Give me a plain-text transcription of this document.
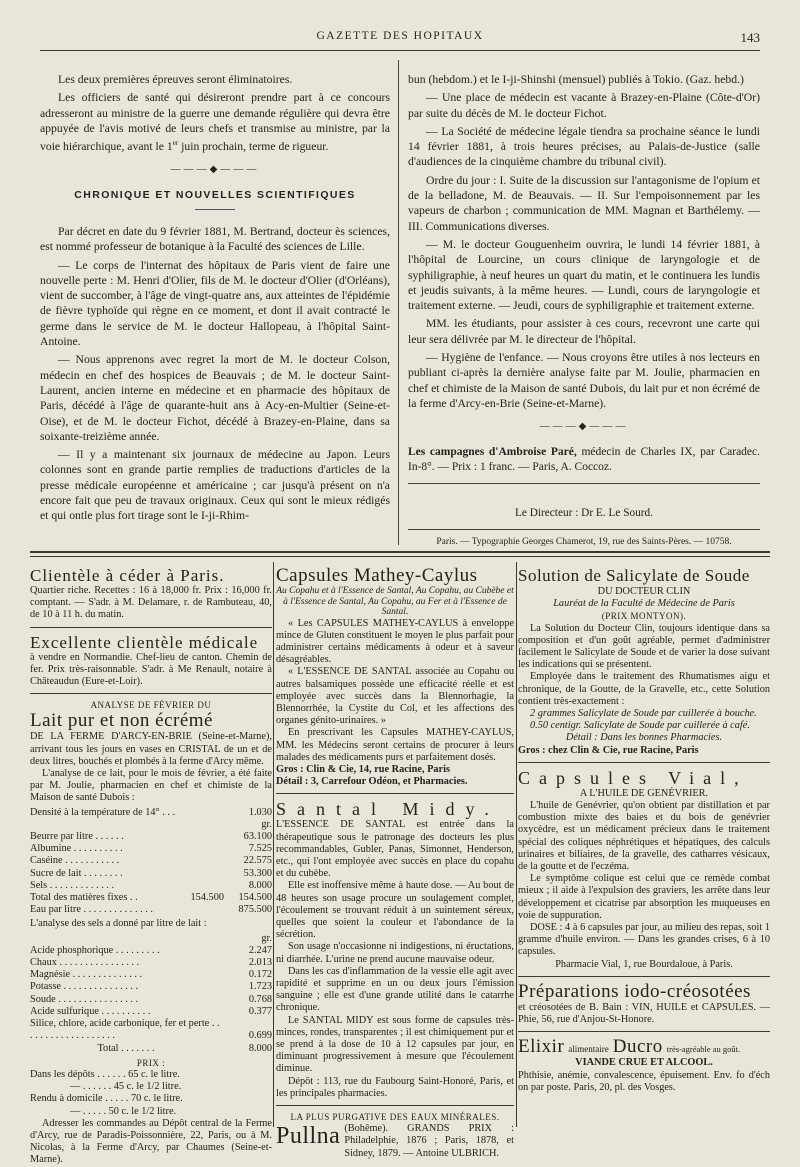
GAZETTE DES HOPITAUX	143

Les deux premières épreuves seront éliminatoires.

Les officiers de santé qui désireront prendre part à ce concours adresseront au ministre de la guerre une demande régulière qui devra être appuyée de l'avis motivé de leurs chefs et transmise au ministre, par la voie hiérarchique, avant le 1er juin prochain, terme de rigueur.

———◆———
CHRONIQUE ET NOUVELLES SCIENTIFIQUES

Par décret en date du 9 février 1881, M. Bertrand, docteur ès sciences, est nommé professeur de botanique à la Faculté des sciences de Lille.

— Le corps de l'internat des hôpitaux de Paris vient de faire une nouvelle perte : M. Henri d'Olier, fils de M. le docteur d'Olier (d'Orléans), vient de succomber, à l'âge de vingt-quatre ans, aux atteintes de l'épidémie de fièvre typhoïde qui règne en ce moment, et dont il avait contracté le germe dans le service de M. le docteur Hallopeau, à l'hôpital Saint-Antoine.

— Nous apprenons avec regret la mort de M. le docteur Colson, médecin en chef des hospices de Beauvais ; de M. le docteur Saint-Laurent, ancien interne en médecine et en pharmacie des hôpitaux de Paris, décédé à l'âge de quarante-huit ans à Acy-en-Multier (Seine-et-Oise), et de M. le docteur Fichot, décédé à Brazey-en-Plaine, dans sa soixante-treizième année.

— Il y a maintenant six journaux de médecine au Japon. Leurs colonnes sont en grande partie remplies de traductions d'articles de la presse médicale européenne et américaine ; car jusqu'à présent on n'a encore fait que peu de travaux originaux. Ceux qui sont le mieux rédigés et qui ontle plus fort tirage sont le I-ji-Rhim-

bun (hebdom.) et le I-ji-Shinshi (mensuel) publiés à Tokio. (Gaz. hebd.)

— Une place de médecin est vacante à Brazey-en-Plaine (Côte-d'Or) par suite du décès de M. le docteur Fichot.

— La Société de médecine légale tiendra sa prochaine séance le lundi 14 février 1881, à trois heures précises, au Palais-de-Justice (salle d'audiences de la cinquième chambre du tribunal civil).

Ordre du jour : I. Suite de la discussion sur l'antagonisme de l'opium et de la belladone, M. de Beauvais. — II. Sur l'empoisonnement par les vapeurs de charbon ; communication de MM. Magnan et Barthélemy. — III. Communications diverses.

— M. le docteur Gouguenheim ouvrira, le lundi 14 février 1881, à l'hôpital de Lourcine, un cours clinique de laryngologie et de syphiligraphie, à neuf heures un quart du matin, et le continuera les lundis et jeudis suivants, à la même heures. — Lundi, cours de laryngologie et traitement externe. — Jeudi, cours de syphiligraphie et traitement externe.

MM. les étudiants, pour assister à ces cours, recevront une carte qui leur sera délivrée par M. le directeur de l'hôpital.

— Hygiène de l'enfance. — Nous croyons être utiles à nos lecteurs en publiant ci-après la dernière analyse faite par M. Joulie, pharmacien en chef et chimiste de la Maison de santé Dubois, du lait pur et non écrémé de la ferme d'Arcy-en-Brie (Seine-et-Marne).

———◆———
Les campagnes d'Ambroise Paré, médecin de Charles IX, par Caradec. In-8°. — Prix : 1 franc. — Paris, A. Coccoz.
Le Directeur : Dr E. Le Sourd.
Paris. — Typographie Georges Chamerot, 19, rue des Saints-Pères. — 10758.
Clientèle à céder à Paris.
Quartier riche. Recettes : 16 à 18,000 fr. Prix : 16,000 fr. comptant. — S'adr. à M. Delamare, r. de Rambuteau, 40, de 10 à 11 h. du matin.
Excellente clientèle médicale
à vendre en Normandie. Chef-lieu de canton. Chemin de fer. Prix très-raisonnable. S'adr. à Me Renault, notaire à Châteaudun (Eure-et-Loir).
ANALYSE DE FÉVRIER DU
Lait pur et non écrémé
DE LA FERME D'ARCY-EN-BRIE (Seine-et-Marne), arrivant tous les jours en vases en CRISTAL de un et de deux litres, bouchés et plombés à la ferme d'Arcy même.
L'analyse de ce lait, pour le mois de février, a été faite par M. Joulie, pharmacien en chef et chimiste de la Maison de santé Dubois :
Densité à la température de 14° . . .	1.030
gr.
Beurre par litre . . . . . .	63.100
Albumine . . . . . . . . . .	7.525
Caséine . . . . . . . . . . .	22.575
Sucre de lait . . . . . . . .	53.300
Sels . . . . . . . . . . . . .	8.000
Total des matières fixes . .	154.500	154.500
Eau par litre . . . . . . . . . . . . . .	875.500
L'analyse des sels a donné par litre de lait :
gr.
Acide phosphorique . . . . . . . . .	2.247
Chaux . . . . . . . . . . . . . . . .	2.013
Magnésie . . . . . . . . . . . . . .	0.172
Potasse . . . . . . . . . . . . . . .	1.723
Soude . . . . . . . . . . . . . . . .	0.768
Acide sulfurique . . . . . . . . . .	0.377
Silice, chlore, acide carbonique, fer et perte . . . . . . . . . . . . . . . . . . .	0.699
Total . . . . . . .	8.000
PRIX :
Dans les dépôts . . . . . . 65 c. le litre.
— . . . . . . 45 c. le 1/2 litre.
Rendu à domicile . . . . . 70 c. le litre.
— . . . . . 50 c. le 1/2 litre.
Adresser les commandes au Dépôt central de la Ferme d'Arcy, rue de Paradis-Poissonnière, 22, Paris, ou à M. Nicolas, à la Ferme d'Arcy, par Chaumes (Seine-et-Marne).
Capsules Mathey-Caylus
Au Copahu et à l'Essence de Santal, Au Copahu, au Cubèbe et à l'Essence de Santal, Au Copahu, au Fer et à l'Essence de Santal.
« Les CAPSULES MATHEY-CAYLUS à enveloppe mince de Gluten constituent le moyen le plus parfait pour administrer certains médicaments à odeur et à saveur désagréables.
« L'ESSENCE DE SANTAL associée au Copahu ou autres balsamiques possède une efficacité réelle et est employée avec succès dans la Blennorhagie, la Blennorrhée, la Cystite du Col, et les affections des organes génito-urinaires. »
En prescrivant les Capsules MATHEY-CAYLUS, MM. les Médecins seront certains de procurer à leurs malades des médicaments purs et parfaitement dosés.
Gros : Clin & Cie, 14, rue Racine, Paris
Détail : 3, Carrefour Odéon, et Pharmacies.
Santal Midy.
L'ESSENCE DE SANTAL est entrée dans la thérapeutique sous le patronage des docteurs les plus recommandables, Gubler, Panas, Simonnet, Henderson, etc., qui l'ont employée avec succès en place du copahu et du cubèbe.
Elle est inoffensive même à haute dose. — Au bout de 48 heures son usage procure un soulagement complet, l'écoulement se trouvant réduit à un suintement séreux, quelles que soient la couleur et l'abondance de la sécrétion.
Son usage n'occasionne ni indigestions, ni éructations, ni diarrhée. L'urine ne prend aucune mauvaise odeur.
Dans les cas d'inflammation de la vessie elle agit avec rapidité et supprime en un ou deux jours l'émission sanguine ; elle est d'une grande utilité dans le catarrhe chronique.
Le SANTAL MIDY est sous forme de capsules très-minces, rondes, transparentes ; il est chimiquement pur et se prend à la dose de 10 à 12 capsules par jour, en diminuant progressivement à mesure que l'écoulement diminue.
Dépôt : 113, rue du Faubourg Saint-Honoré, Paris, et les principales pharmacies.
LA PLUS PURGATIVE DES EAUX MINÉRALES.
Pullna (Bohême). GRANDS PRIX : Philadelphie, 1876 ; Paris, 1878, et Sidney, 1879. — Antoine ULBRICH.
Solution de Salicylate de Soude
DU DOCTEUR CLIN
Lauréat de la Faculté de Médecine de Paris
(PRIX MONTYON).
La Solution du Docteur Clin, toujours identique dans sa composition et d'un goût agréable, permet d'administrer facilement le Salicylate de Soude et de varier la dose suivant les indications qui se présentent.
Employée dans le traitement des Rhumatismes aigu et chronique, de la Goutte, de la Gravelle, etc., cette Solution contient très-exactement :
2 grammes Salicylate de Soude par cuillerée à bouche.
0.50 centigr. Salicylate de Soude par cuillerée à café.
Détail : Dans les bonnes Pharmacies.
Gros : chez Clin & Cie, rue Racine, Paris
Capsules Vial,
A L'HUILE DE GENÉVRIER.
L'huile de Genévrier, qu'on obtient par distillation et par combustion mixte des baies et du bois de genévrier oxycèdre, est un médicament précieux dans le traitement spécial des coliques néphrétiques et hépatiques, des calculs urinaires et biliaires, de la gravelle, des catharres vésicaux, de la goutte et de l'eczéma.
Le symptôme colique est celui que ce remède combat mieux ; il aide à l'expulsion des graviers, les arrête dans leur développement et cicatrise par absorption les muqueuses en voie de suppuration.
DOSE : 4 à 6 capsules par jour, au milieu des repas, soit 1 gramme d'huile environ. — Dans les grandes crises, 6 à 10 capsules.
Pharmacie Vial, 1, rue Bourdaloue, à Paris.
Préparations iodo-créosotées
et créosotées de B. Bain : VIN, HUILE et CAPSULES. — Phie, 56, rue d'Anjou-St-Honore.
Elixir alimentaire Ducro très-agréable au goût.
VIANDE CRUE ET ALCOOL.
Phthisie, anémie, convalescence, épuisement. Env. fo d'éch on par poste. Paris, 20, pl. des Vosges.
